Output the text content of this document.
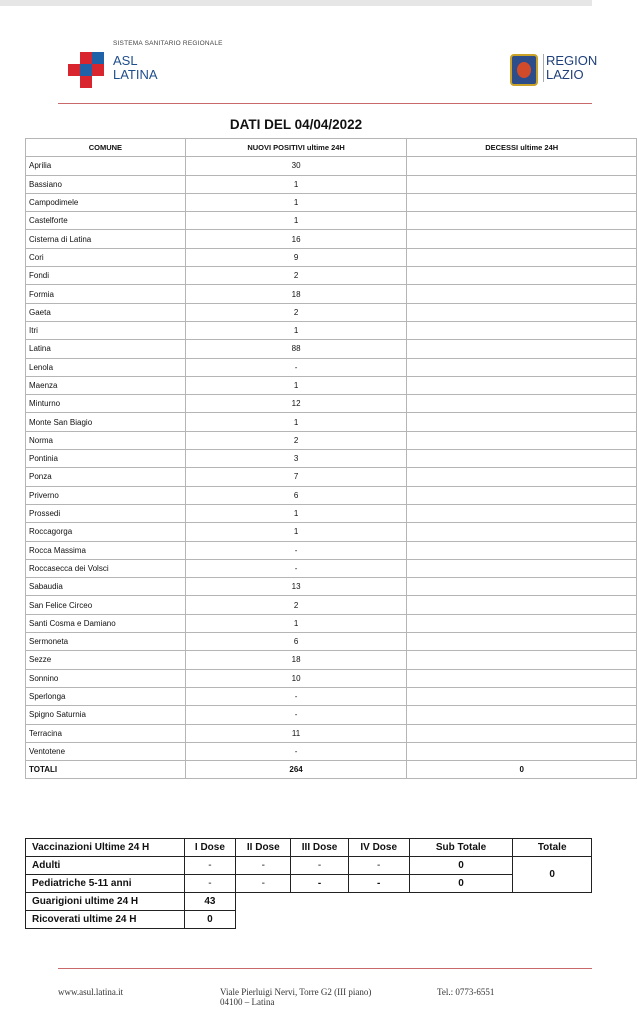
SISTEMA SANITARIO REGIONALE
ASL
LATINA
REGION
LAZIO
DATI DEL 04/04/2022
COMUNE	NUOVI POSITIVI ultime 24H	DECESSI ultime 24H
Aprilia	30	
Bassiano	1	
Campodimele	1	
Castelforte	1	
Cisterna di Latina	16	
Cori	9	
Fondi	2	
Formia	18	
Gaeta	2	
Itri	1	
Latina	88	
Lenola	-	
Maenza	1	
Minturno	12	
Monte San Biagio	1	
Norma	2	
Pontinia	3	
Ponza	7	
Priverno	6	
Prossedi	1	
Roccagorga	1	
Rocca Massima	-	
Roccasecca dei Volsci	-	
Sabaudia	13	
San Felice Circeo	2	
Santi Cosma e Damiano	1	
Sermoneta	6	
Sezze	18	
Sonnino	10	
Sperlonga	-	
Spigno Saturnia	-	
Terracina	11	
Ventotene	-	
TOTALI	264	0
Vaccinazioni Ultime 24 H	I Dose	II Dose	III Dose	IV Dose	Sub Totale	Totale
Adulti	-	-	-	-	0	0
Pediatriche 5-11 anni	-	-	-	-	0	
Guarigioni ultime 24 H	43					
Ricoverati ultime 24 H	0					
www.asul.latina.it	Viale Pierluigi Nervi, Torre G2 (III piano)
04100 – Latina
Tel.: 0773-6551
